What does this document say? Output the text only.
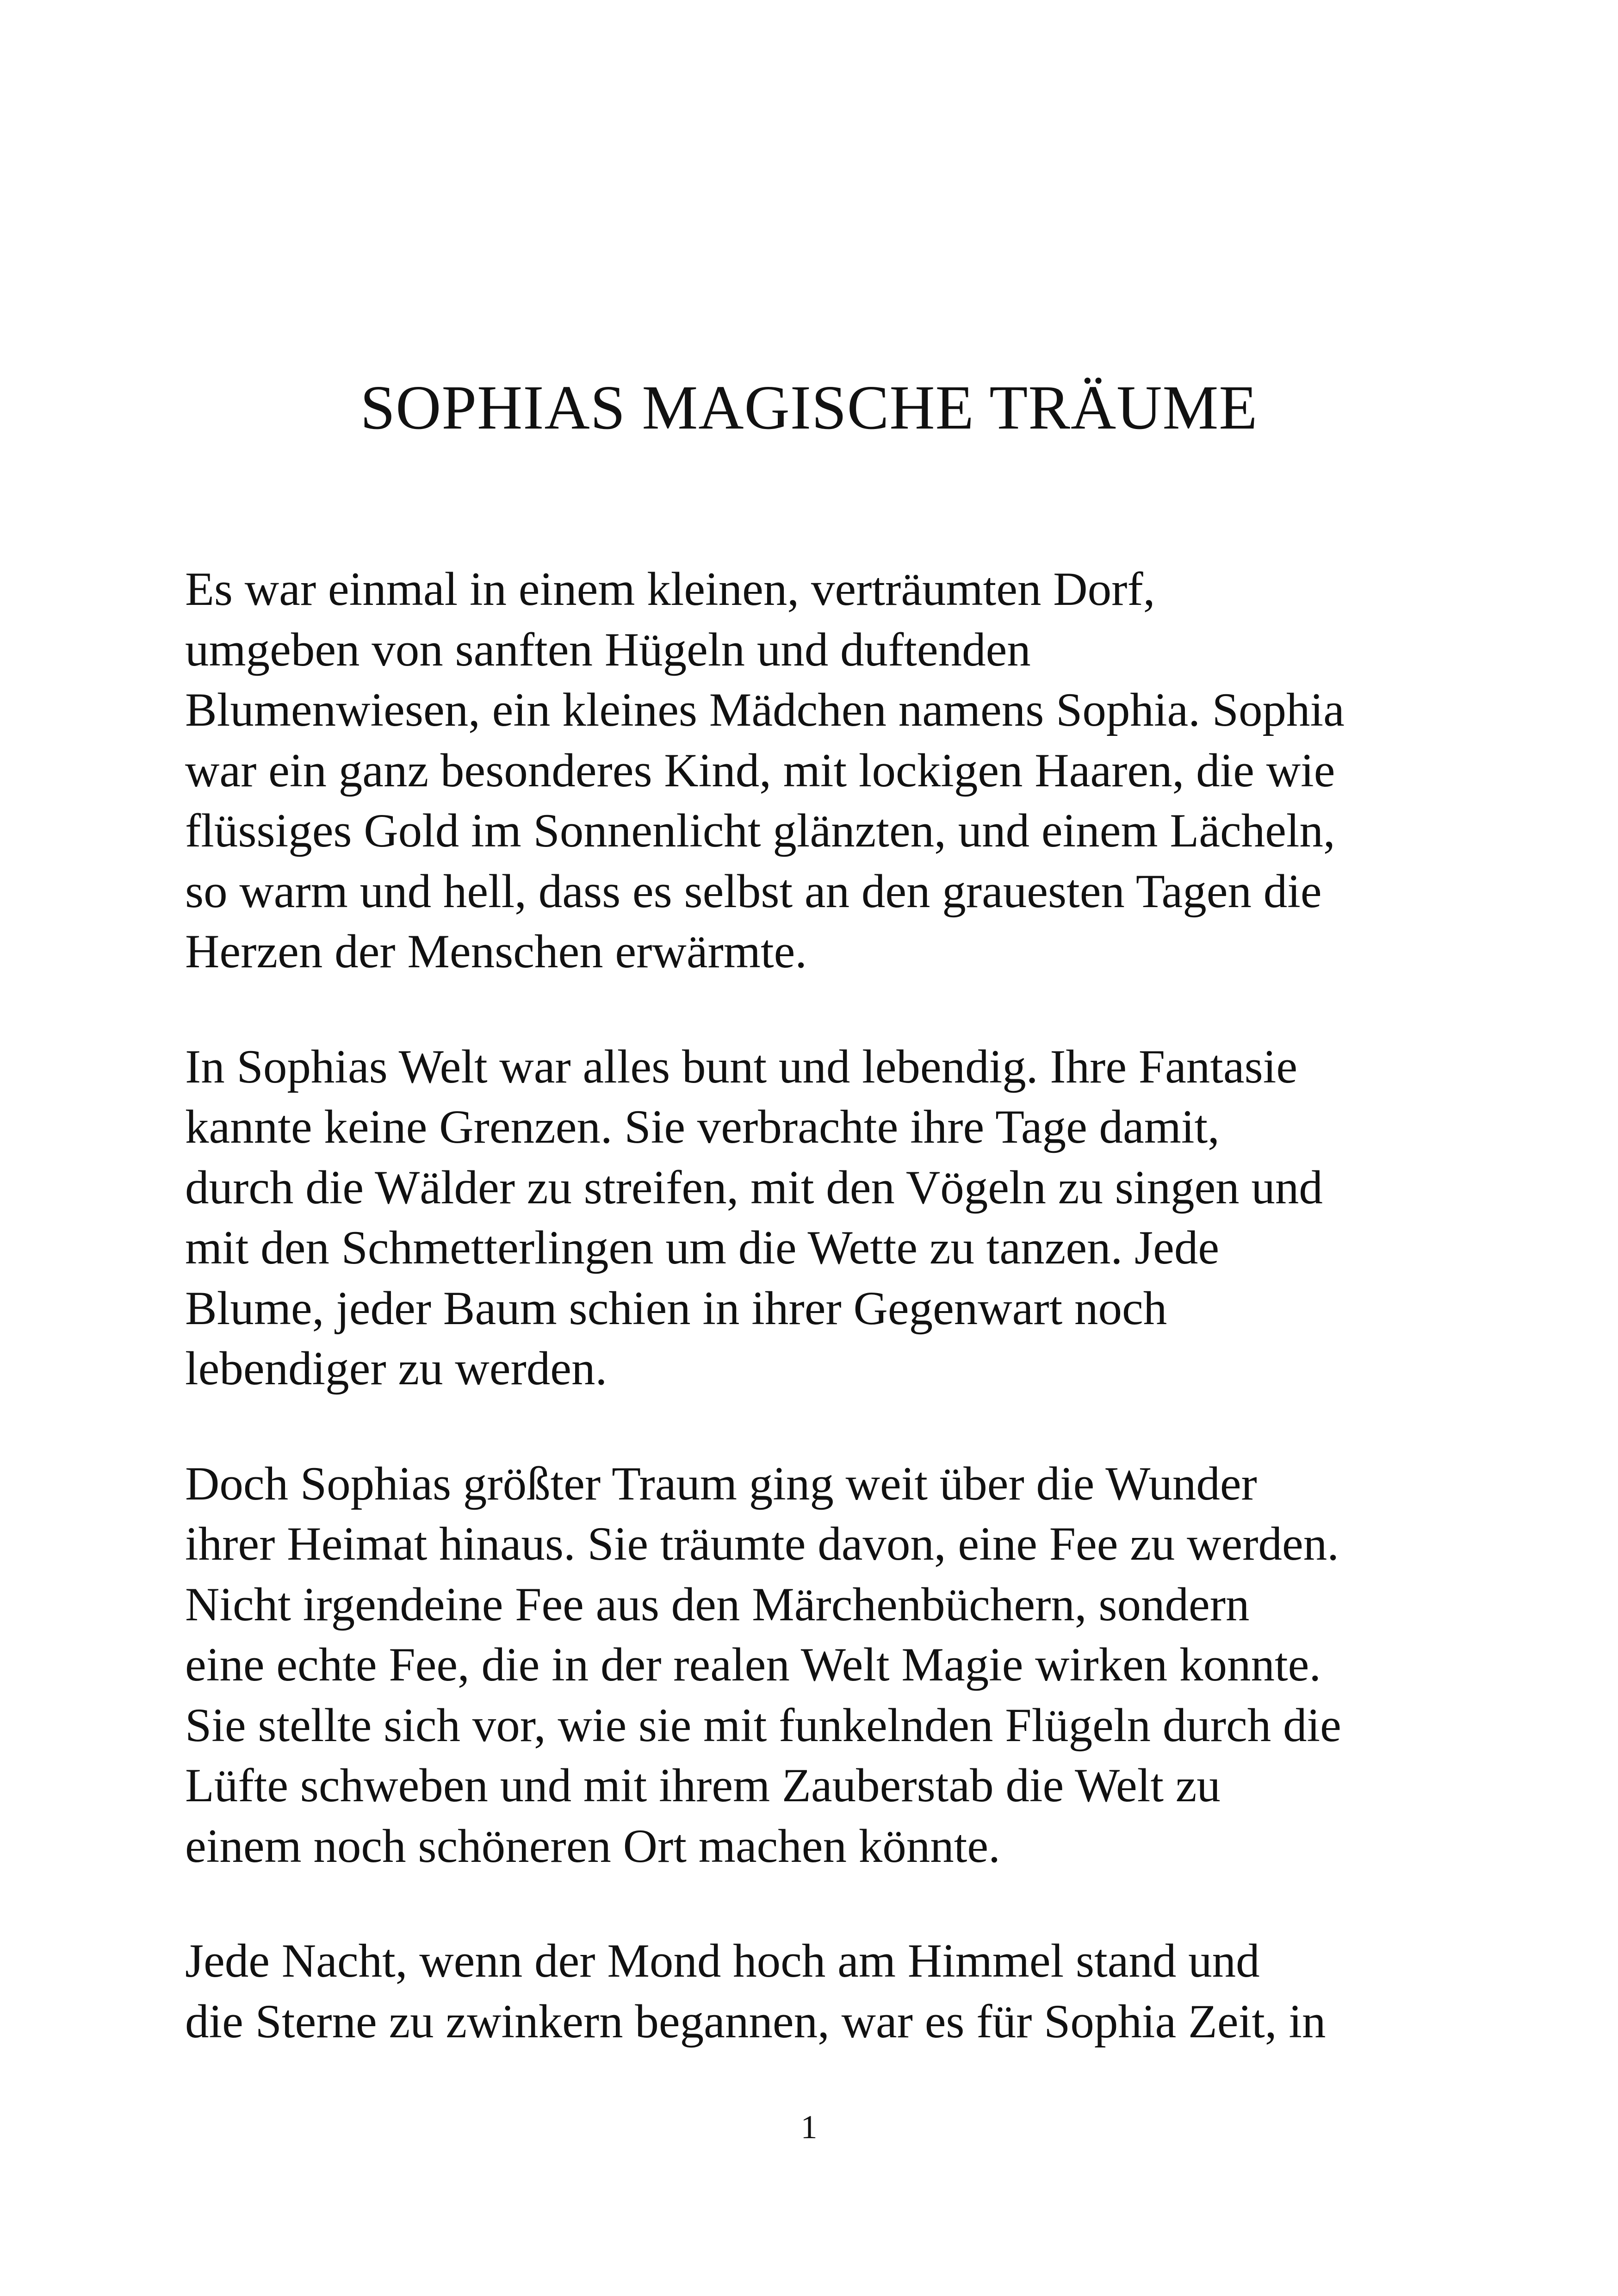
SOPHIAS MAGISCHE TRÄUME

Es war einmal in einem kleinen, verträumten Dorf,
umgeben von sanften Hügeln und duftenden
Blumenwiesen, ein kleines Mädchen namens Sophia. Sophia
war ein ganz besonderes Kind, mit lockigen Haaren, die wie
flüssiges Gold im Sonnenlicht glänzten, und einem Lächeln,
so warm und hell, dass es selbst an den grauesten Tagen die
Herzen der Menschen erwärmte.

In Sophias Welt war alles bunt und lebendig. Ihre Fantasie
kannte keine Grenzen. Sie verbrachte ihre Tage damit,
durch die Wälder zu streifen, mit den Vögeln zu singen und
mit den Schmetterlingen um die Wette zu tanzen. Jede
Blume, jeder Baum schien in ihrer Gegenwart noch
lebendiger zu werden.

Doch Sophias größter Traum ging weit über die Wunder
ihrer Heimat hinaus. Sie träumte davon, eine Fee zu werden.
Nicht irgendeine Fee aus den Märchenbüchern, sondern
eine echte Fee, die in der realen Welt Magie wirken konnte.
Sie stellte sich vor, wie sie mit funkelnden Flügeln durch die
Lüfte schweben und mit ihrem Zauberstab die Welt zu
einem noch schöneren Ort machen könnte.

Jede Nacht, wenn der Mond hoch am Himmel stand und
die Sterne zu zwinkern begannen, war es für Sophia Zeit, in

1
